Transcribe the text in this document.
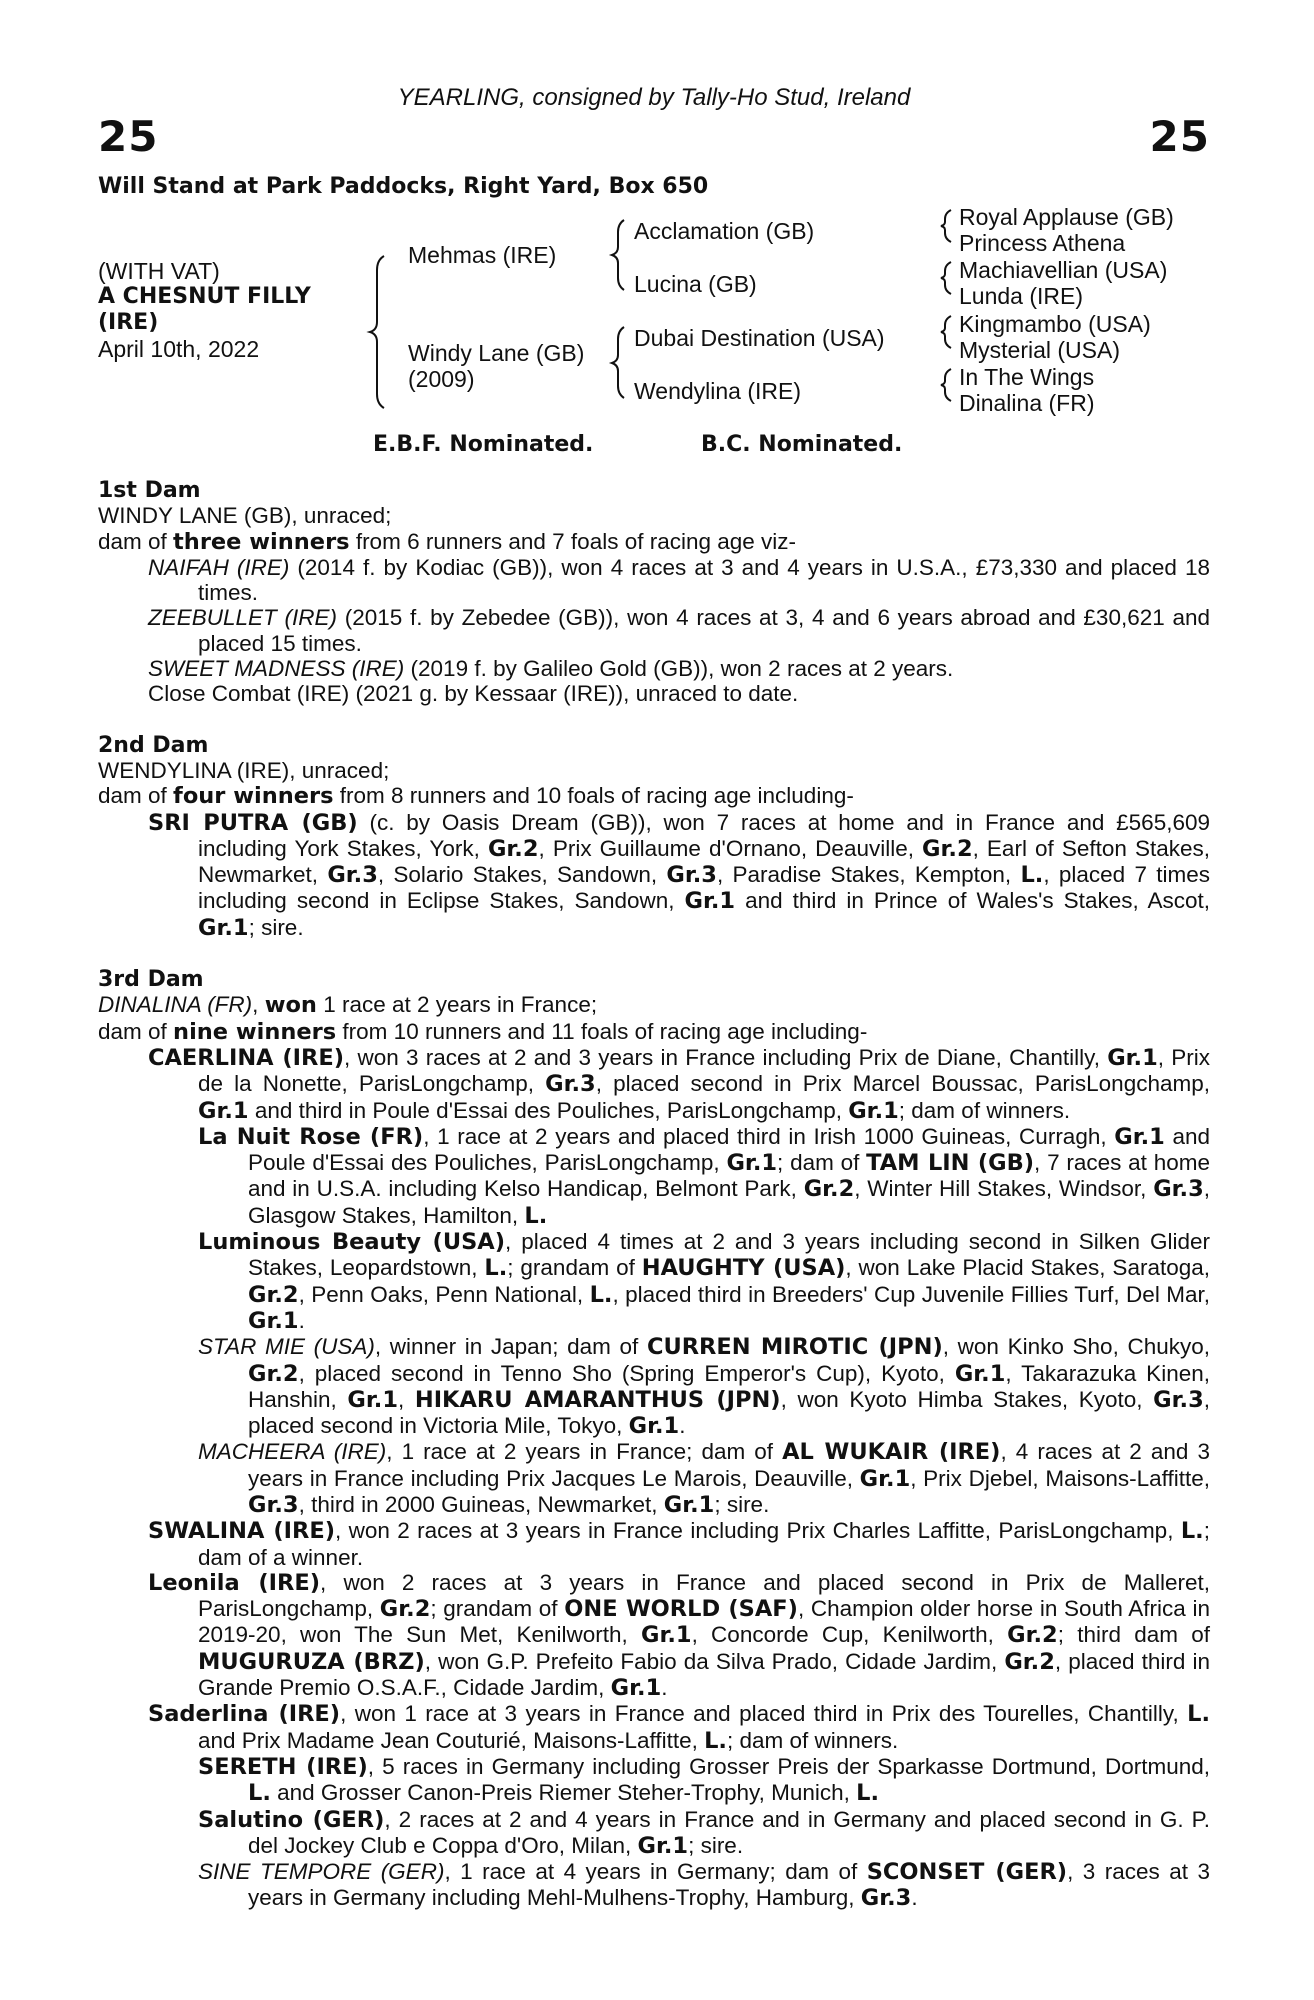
YEARLING, consigned by Tally-Ho Stud, Ireland
25	25
Will Stand at Park Paddocks, Right Yard, Box 650
(WITH VAT)
A CHESNUT FILLY
(IRE)
April 10th, 2022
Mehmas (IRE)
Windy Lane (GB)
(2009)
Acclamation (GB)
Lucina (GB)
Dubai Destination (USA)
Wendylina (IRE)
Royal Applause (GB)
Princess Athena
Machiavellian (USA)
Lunda (IRE)
Kingmambo (USA)
Mysterial (USA)
In The Wings
Dinalina (FR)
E.B.F. Nominated.	B.C. Nominated.

1st Dam

WINDY LANE (GB), unraced;

dam of three winners from 6 runners and 7 foals of racing age viz-

NAIFAH (IRE) (2014 f. by Kodiac (GB)), won 4 races at 3 and 4 years in U.S.A., £73,330 and placed 18 times.

ZEEBULLET (IRE) (2015 f. by Zebedee (GB)), won 4 races at 3, 4 and 6 years abroad and £30,621 and placed 15 times.

SWEET MADNESS (IRE) (2019 f. by Galileo Gold (GB)), won 2 races at 2 years.

Close Combat (IRE) (2021 g. by Kessaar (IRE)), unraced to date.

2nd Dam

WENDYLINA (IRE), unraced;

dam of four winners from 8 runners and 10 foals of racing age including-

SRI PUTRA (GB) (c. by Oasis Dream (GB)), won 7 races at home and in France and £565,609 including York Stakes, York, Gr.2, Prix Guillaume d'Ornano, Deauville, Gr.2, Earl of Sefton Stakes, Newmarket, Gr.3, Solario Stakes, Sandown, Gr.3, Paradise Stakes, Kempton, L., placed 7 times including second in Eclipse Stakes, Sandown, Gr.1 and third in Prince of Wales's Stakes, Ascot, Gr.1; sire.

3rd Dam

DINALINA (FR), won 1 race at 2 years in France;

dam of nine winners from 10 runners and 11 foals of racing age including-

CAERLINA (IRE), won 3 races at 2 and 3 years in France including Prix de Diane, Chantilly, Gr.1, Prix de la Nonette, ParisLongchamp, Gr.3, placed second in Prix Marcel Boussac, ParisLongchamp, Gr.1 and third in Poule d'Essai des Pouliches, ParisLongchamp, Gr.1; dam of winners.

La Nuit Rose (FR), 1 race at 2 years and placed third in Irish 1000 Guineas, Curragh, Gr.1 and Poule d'Essai des Pouliches, ParisLongchamp, Gr.1; dam of TAM LIN (GB), 7 races at home and in U.S.A. including Kelso Handicap, Belmont Park, Gr.2, Winter Hill Stakes, Windsor, Gr.3, Glasgow Stakes, Hamilton, L.

Luminous Beauty (USA), placed 4 times at 2 and 3 years including second in Silken Glider Stakes, Leopardstown, L.; grandam of HAUGHTY (USA), won Lake Placid Stakes, Saratoga, Gr.2, Penn Oaks, Penn National, L., placed third in Breeders' Cup Juvenile Fillies Turf, Del Mar, Gr.1.

STAR MIE (USA), winner in Japan; dam of CURREN MIROTIC (JPN), won Kinko Sho, Chukyo, Gr.2, placed second in Tenno Sho (Spring Emperor's Cup), Kyoto, Gr.1, Takarazuka Kinen, Hanshin, Gr.1, HIKARU AMARANTHUS (JPN), won Kyoto Himba Stakes, Kyoto, Gr.3, placed second in Victoria Mile, Tokyo, Gr.1.

MACHEERA (IRE), 1 race at 2 years in France; dam of AL WUKAIR (IRE), 4 races at 2 and 3 years in France including Prix Jacques Le Marois, Deauville, Gr.1, Prix Djebel, Maisons-Laffitte, Gr.3, third in 2000 Guineas, Newmarket, Gr.1; sire.

SWALINA (IRE), won 2 races at 3 years in France including Prix Charles Laffitte, ParisLongchamp, L.; dam of a winner.

Leonila (IRE), won 2 races at 3 years in France and placed second in Prix de Malleret, ParisLongchamp, Gr.2; grandam of ONE WORLD (SAF), Champion older horse in South Africa in 2019-20, won The Sun Met, Kenilworth, Gr.1, Concorde Cup, Kenilworth, Gr.2; third dam of MUGURUZA (BRZ), won G.P. Prefeito Fabio da Silva Prado, Cidade Jardim, Gr.2, placed third in Grande Premio O.S.A.F., Cidade Jardim, Gr.1.

Saderlina (IRE), won 1 race at 3 years in France and placed third in Prix des Tourelles, Chantilly, L. and Prix Madame Jean Couturié, Maisons-Laffitte, L.; dam of winners.

SERETH (IRE), 5 races in Germany including Grosser Preis der Sparkasse Dortmund, Dortmund, L. and Grosser Canon-Preis Riemer Steher-Trophy, Munich, L.

Salutino (GER), 2 races at 2 and 4 years in France and in Germany and placed second in G. P. del Jockey Club e Coppa d'Oro, Milan, Gr.1; sire.

SINE TEMPORE (GER), 1 race at 4 years in Germany; dam of SCONSET (GER), 3 races at 3 years in Germany including Mehl-Mulhens-Trophy, Hamburg, Gr.3.
